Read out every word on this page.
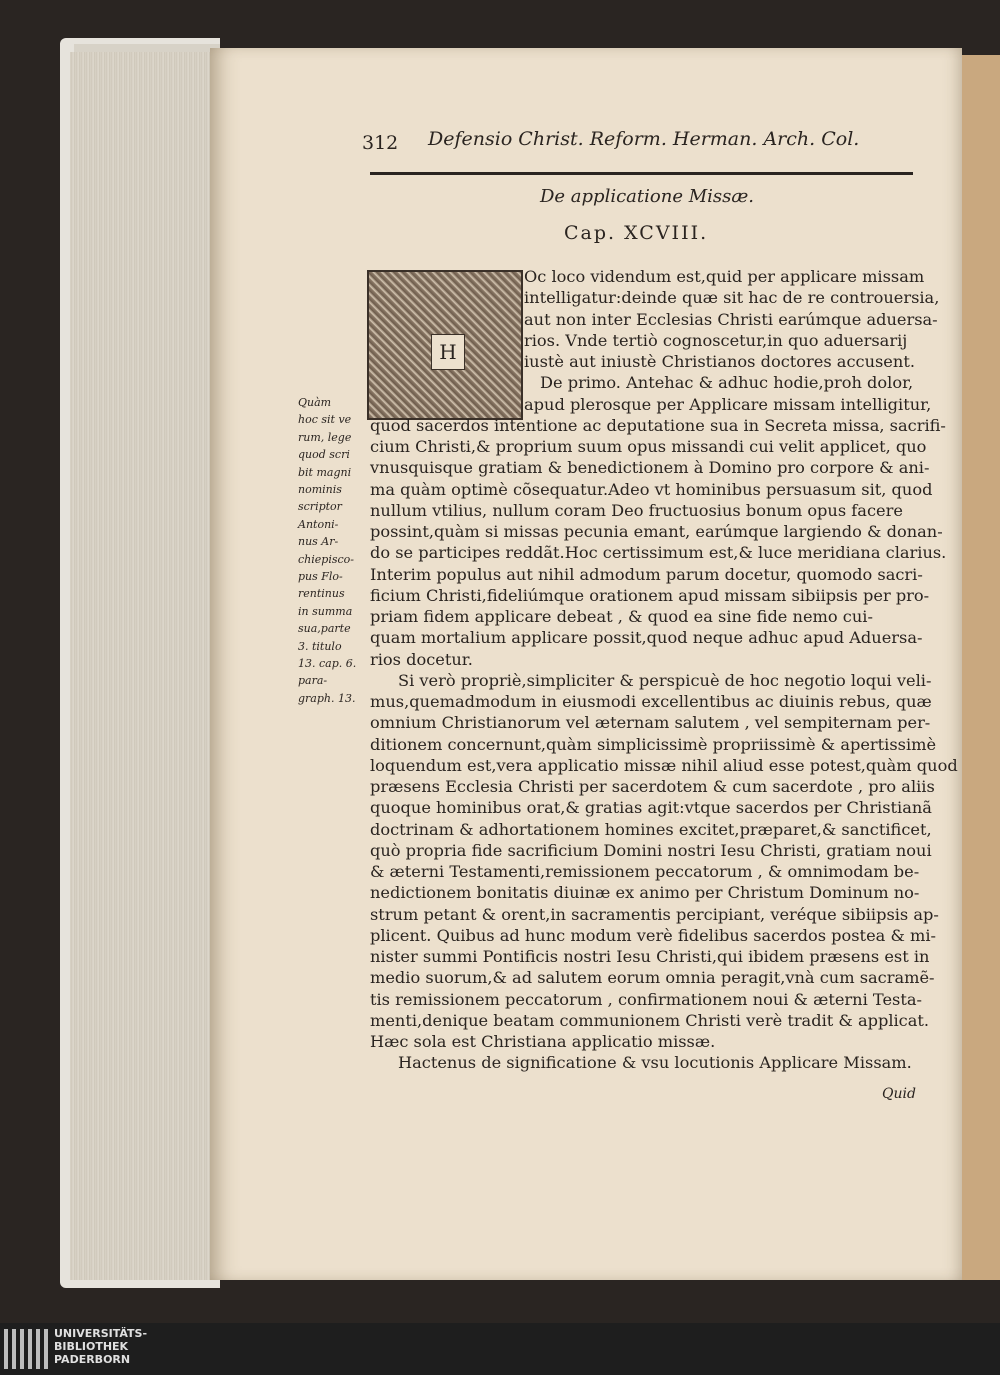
312 Defensio Christ. Reform. Herman. Arch. Col.
De applicatione Missæ.
Cap. XCVIII.
H
Oc loco videndum est,quid per applicare missam
intelligatur:deinde quæ sit hac de re controuersia,
aut non inter Ecclesias Christi earúmque aduersa-
rios. Vnde tertiò cognoscetur,in quo aduersarij
iustè aut iniustè Christianos doctores accusent.
De primo. Antehac & adhuc hodie,proh dolor,
apud plerosque per Applicare missam intelligitur,
quod sacerdos intentione ac deputatione sua in Secreta missa, sacrifi-
cium Christi,& proprium suum opus missandi cui velit applicet, quo
vnusquisque gratiam & benedictionem à Domino pro corpore & ani-
ma quàm optimè cõsequatur.Adeo vt hominibus persuasum sit, quod
nullum vtilius, nullum coram Deo fructuosius bonum opus facere
possint,quàm si missas pecunia emant, earúmque largiendo & donan-
do se participes reddãt.Hoc certissimum est,& luce meridiana clarius.
Interim populus aut nihil admodum parum docetur, quomodo sacri-
ficium Christi,fideliúmque orationem apud missam sibiipsis per pro-
priam fidem applicare debeat , & quod ea sine fide nemo cui-
quam mortalium applicare possit,quod neque adhuc apud Aduersa-
rios docetur.
Si verò propriè,simpliciter & perspicuè de hoc negotio loqui veli-
mus,quemadmodum in eiusmodi excellentibus ac diuinis rebus, quæ
omnium Christianorum vel æternam salutem , vel sempiternam per-
ditionem concernunt,quàm simplicissimè propriissimè & apertissimè
loquendum est,vera applicatio missæ nihil aliud esse potest,quàm quod
præsens Ecclesia Christi per sacerdotem & cum sacerdote , pro aliis
quoque hominibus orat,& gratias agit:vtque sacerdos per Christianã
doctrinam & adhortationem homines excitet,præparet,& sanctificet,
quò propria fide sacrificium Domini nostri Iesu Christi, gratiam noui
& æterni Testamenti,remissionem peccatorum , & omnimodam be-
nedictionem bonitatis diuinæ ex animo per Christum Dominum no-
strum petant & orent,in sacramentis percipiant, veréque sibiipsis ap-
plicent. Quibus ad hunc modum verè fidelibus sacerdos postea & mi-
nister summi Pontificis nostri Iesu Christi,qui ibidem præsens est in
medio suorum,& ad salutem eorum omnia peragit,vnà cum sacramẽ-
tis remissionem peccatorum , confirmationem noui & æterni Testa-
menti,denique beatam communionem Christi verè tradit & applicat.
Hæc sola est Christiana applicatio missæ.
Hactenus de significatione & vsu locutionis Applicare Missam.
Quàm
hoc sit ve
rum, lege
quod scri
bit magni
nominis
scriptor
Antoni-
nus Ar-
chiepisco-
pus Flo-
rentinus
in summa
sua,parte
3. titulo
13. cap. 6.
para-
graph. 13.
Quid
UNIVERSITÄTS-
BIBLIOTHEK
PADERBORN
